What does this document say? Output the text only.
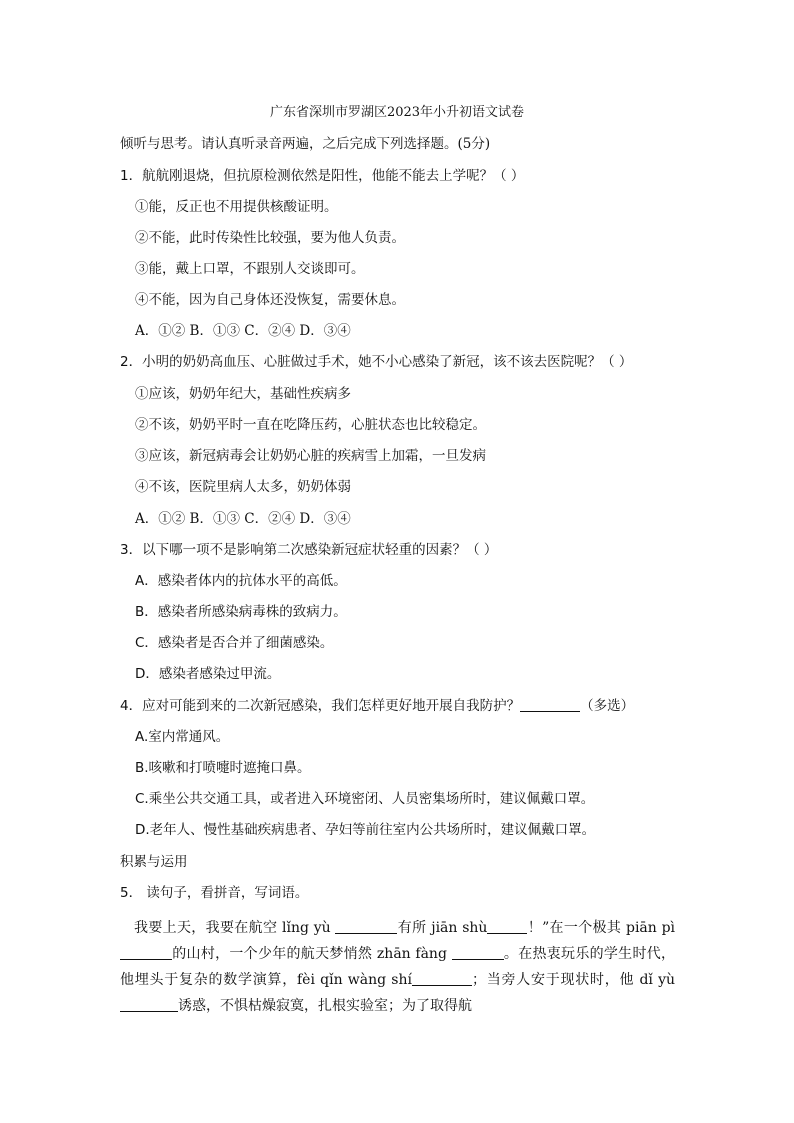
广东省深圳市罗湖区2023年小升初语文试卷
倾听与思考。请认真听录音两遍，之后完成下列选择题。(5分)
1．航航刚退烧，但抗原检测依然是阳性，他能不能去上学呢？（ ）
①能，反正也不用提供核酸证明。
②不能，此时传染性比较强，要为他人负责。
③能，戴上口罩，不跟别人交谈即可。
④不能，因为自己身体还没恢复，需要休息。
A．①② B．①③ C．②④ D．③④
2．小明的奶奶高血压、心脏做过手术，她不小心感染了新冠，该不该去医院呢？（ ）
①应该，奶奶年纪大，基础性疾病多
②不该，奶奶平时一直在吃降压药，心脏状态也比较稳定。
③应该，新冠病毒会让奶奶心脏的疾病雪上加霜，一旦发病
④不该，医院里病人太多，奶奶体弱
A．①② B．①③ C．②④ D．③④
3．以下哪一项不是影响第二次感染新冠症状轻重的因素？（ ）
A．感染者体内的抗体水平的高低。
B．感染者所感染病毒株的致病力。
C．感染者是否合并了细菌感染。
D．感染者感染过甲流。
4．应对可能到来的二次新冠感染，我们怎样更好地开展自我防护？	（多选）
A.室内常通风。
B.咳嗽和打喷嚏时遮掩口鼻。
C.乘坐公共交通工具，或者进入环境密闭、人员密集场所时，建议佩戴口罩。
D.老年人、慢性基础疾病患者、孕妇等前往室内公共场所时，建议佩戴口罩。
积累与运用
5． 读句子，看拼音，写词语。
我要上天，我要在航空 lǐng yù	有所 jiān shù	！”在一个极其 piān pì 的山村，一个少年的航天梦悄然 zhān fàng	。在热衷玩乐的学生时代，他埋头于复杂的数学演算，fèi qǐn wàng shí	；当旁人安于现状时，他 dǐ yù 诱惑，不惧枯燥寂寞，扎根实验室；为了取得航
